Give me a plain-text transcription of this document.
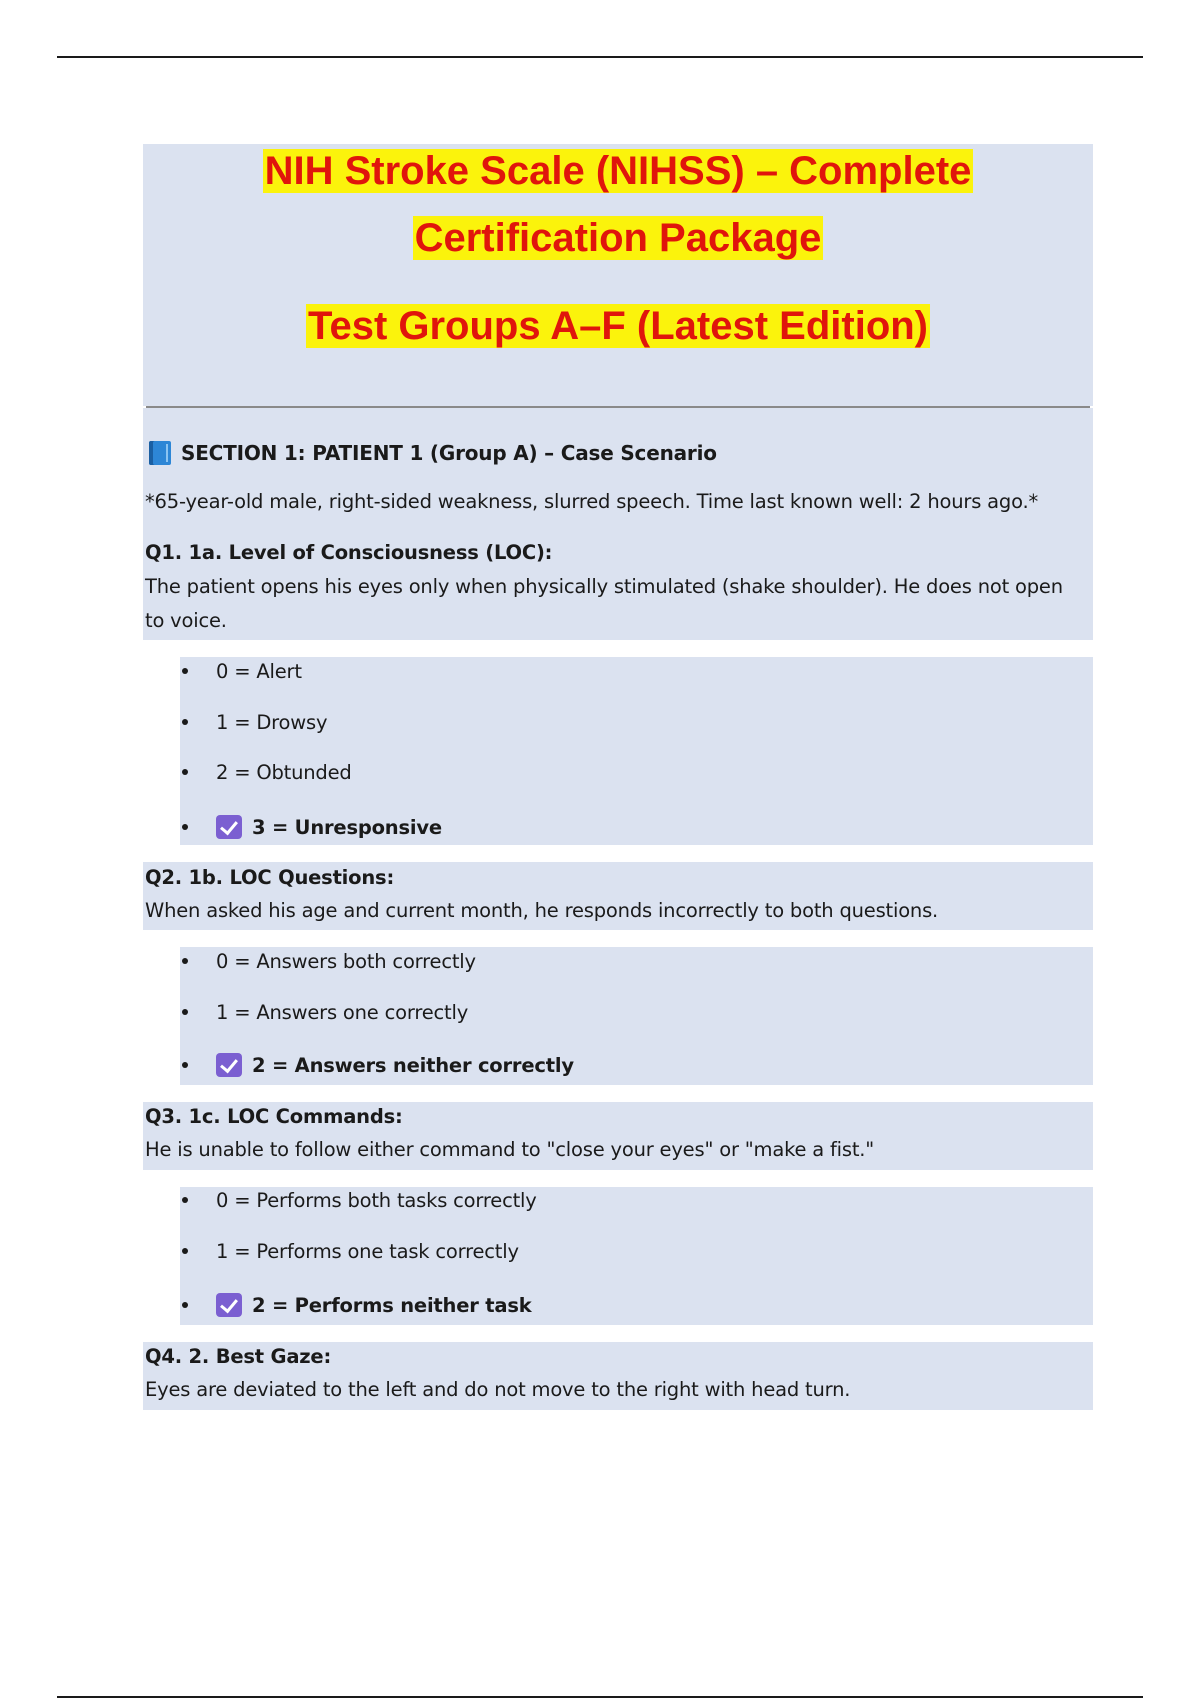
NIH Stroke Scale (NIHSS) – Complete
Certification Package
Test Groups A–F (Latest Edition)
SECTION 1: PATIENT 1 (Group A) – Case Scenario
*65-year-old male, right-sided weakness, slurred speech. Time last known well: 2 hours ago.*
Q1. 1a. Level of Consciousness (LOC):
The patient opens his eyes only when physically stimulated (shake shoulder). He does not open to voice.
0 = Alert
1 = Drowsy
2 = Obtunded
3 = Unresponsive
Q2. 1b. LOC Questions:
When asked his age and current month, he responds incorrectly to both questions.
0 = Answers both correctly
1 = Answers one correctly
2 = Answers neither correctly
Q3. 1c. LOC Commands:
He is unable to follow either command to "close your eyes" or "make a fist."
0 = Performs both tasks correctly
1 = Performs one task correctly
2 = Performs neither task
Q4. 2. Best Gaze:
Eyes are deviated to the left and do not move to the right with head turn.
